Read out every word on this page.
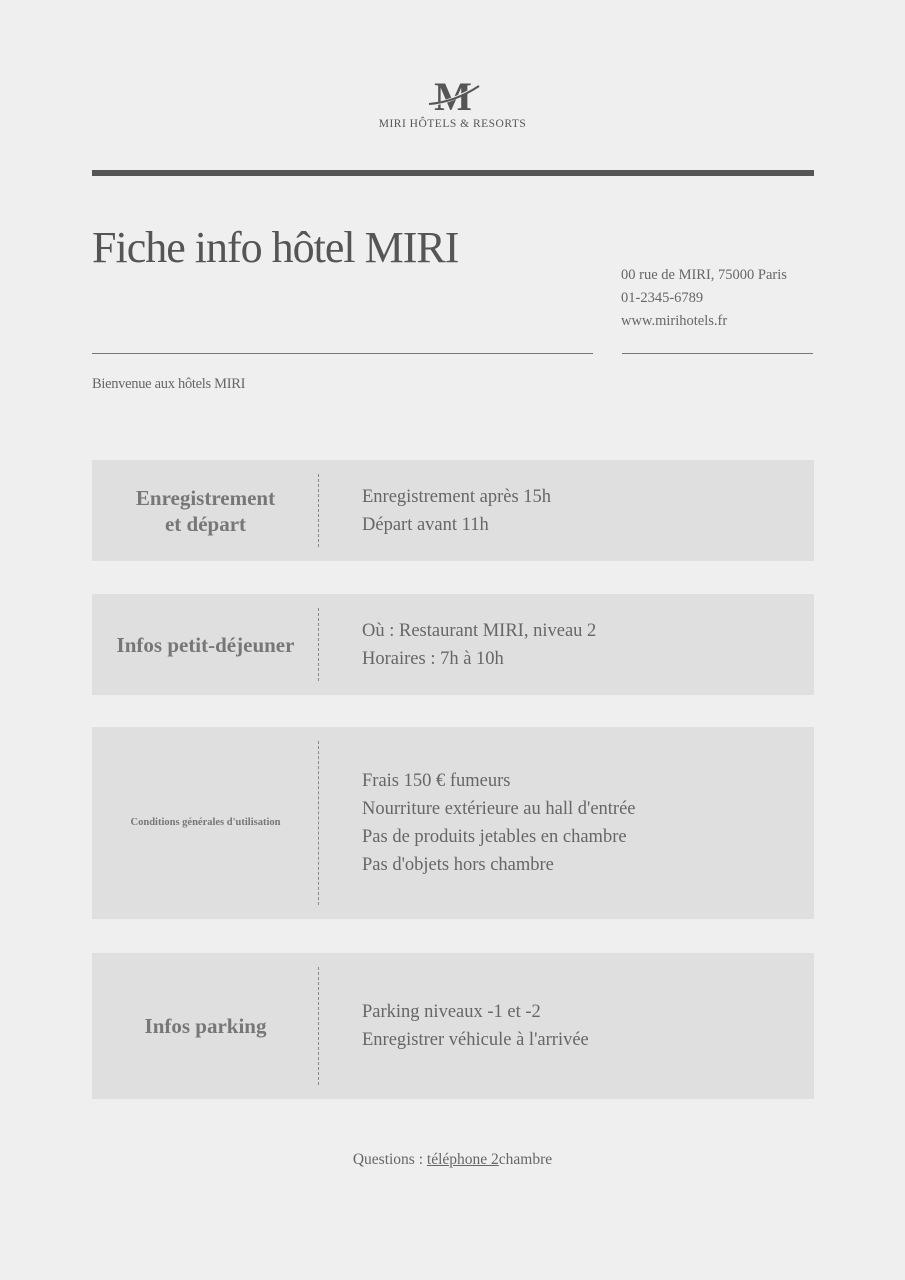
M
MIRI HÔTELS & RESORTS
Fiche info hôtel MIRI
00 rue de MIRI, 75000 Paris
01-2345-6789
www.mirihotels.fr
Bienvenue aux hôtels MIRI
Enregistrement
et départ
Enregistrement après 15h
Départ avant 11h
Infos petit-déjeuner
Où : Restaurant MIRI, niveau 2
Horaires : 7h à 10h
Conditions générales d'utilisation
Frais 150 € fumeurs
Nourriture extérieure au hall d'entrée
Pas de produits jetables en chambre
Pas d'objets hors chambre
Infos parking
Parking niveaux -1 et -2
Enregistrer véhicule à l'arrivée
Questions : téléphone 2chambre
